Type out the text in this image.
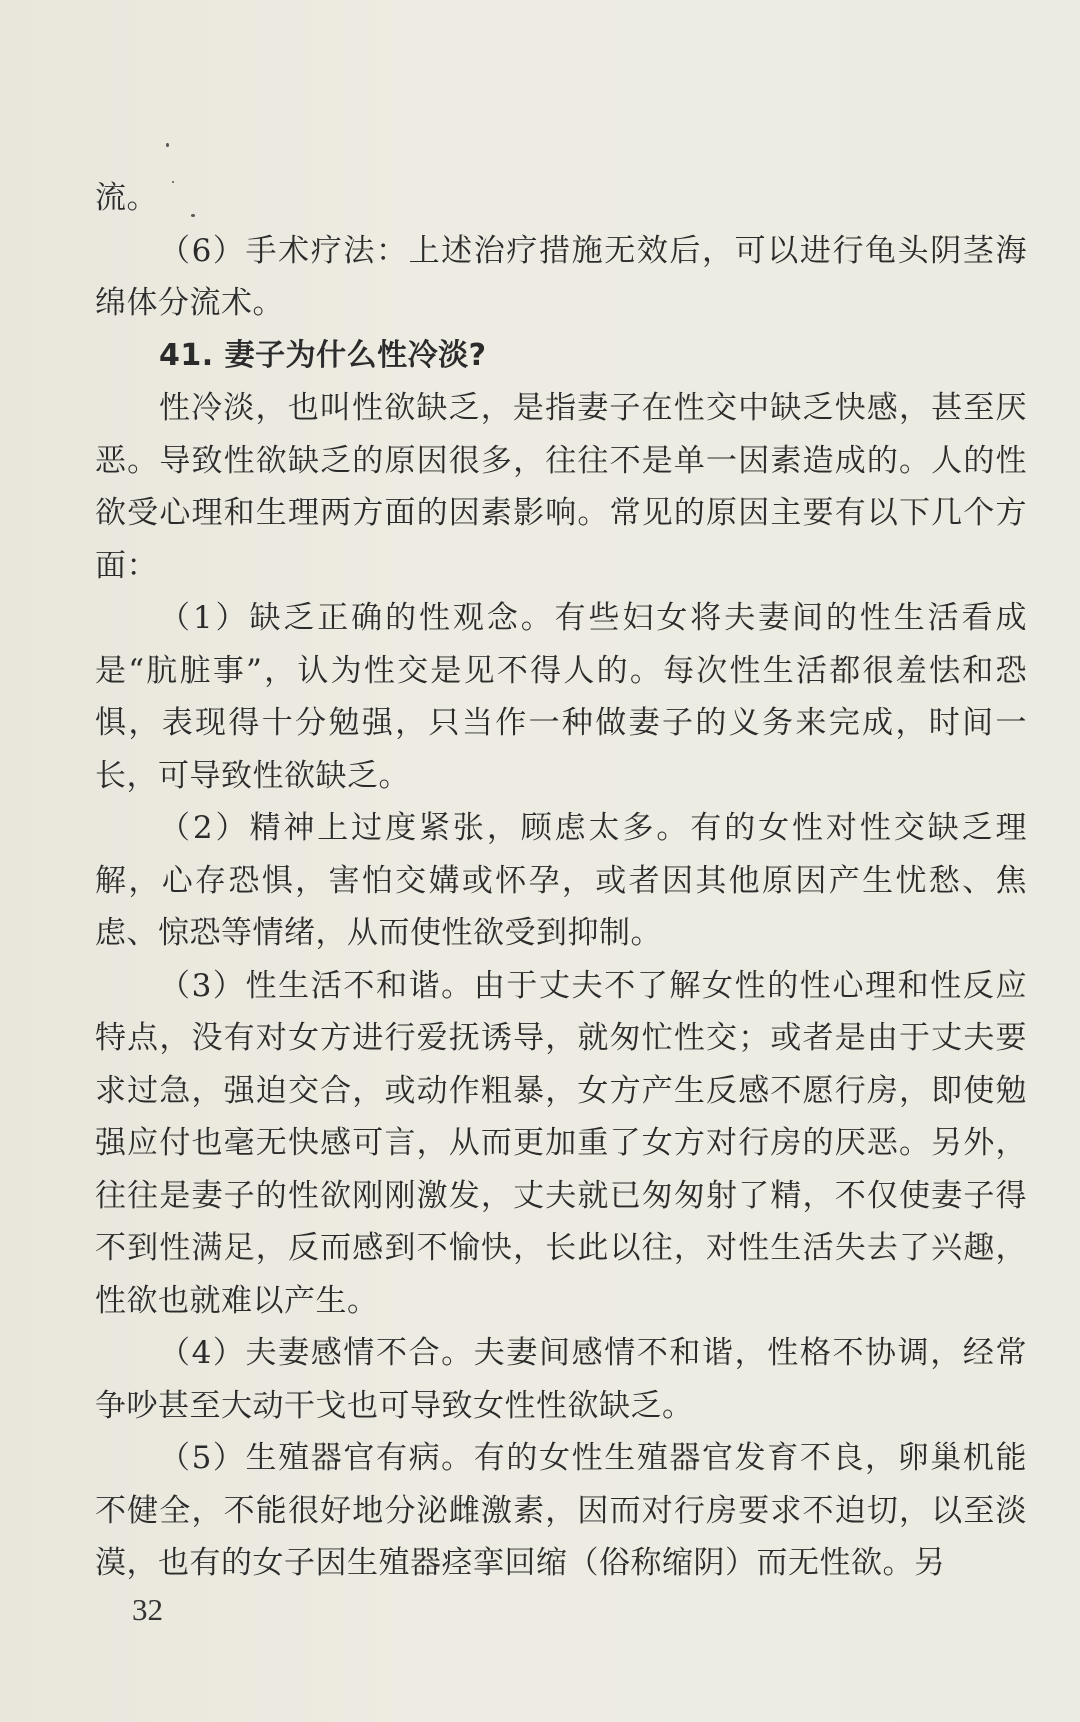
流。

（6）手术疗法：上述治疗措施无效后，可以进行龟头阴茎海绵体分流术。

41. 妻子为什么性冷淡?

性冷淡，也叫性欲缺乏，是指妻子在性交中缺乏快感，甚至厌恶。导致性欲缺乏的原因很多，往往不是单一因素造成的。人的性欲受心理和生理两方面的因素影响。常见的原因主要有以下几个方面：

（1）缺乏正确的性观念。有些妇女将夫妻间的性生活看成是“肮脏事”，认为性交是见不得人的。每次性生活都很羞怯和恐惧，表现得十分勉强，只当作一种做妻子的义务来完成，时间一长，可导致性欲缺乏。

（2）精神上过度紧张，顾虑太多。有的女性对性交缺乏理解，心存恐惧，害怕交媾或怀孕，或者因其他原因产生忧愁、焦虑、惊恐等情绪，从而使性欲受到抑制。

（3）性生活不和谐。由于丈夫不了解女性的性心理和性反应特点，没有对女方进行爱抚诱导，就匆忙性交；或者是由于丈夫要求过急，强迫交合，或动作粗暴，女方产生反感不愿行房，即使勉强应付也毫无快感可言，从而更加重了女方对行房的厌恶。另外，往往是妻子的性欲刚刚激发，丈夫就已匆匆射了精，不仅使妻子得不到性满足，反而感到不愉快，长此以往，对性生活失去了兴趣，性欲也就难以产生。

（4）夫妻感情不合。夫妻间感情不和谐，性格不协调，经常争吵甚至大动干戈也可导致女性性欲缺乏。

（5）生殖器官有病。有的女性生殖器官发育不良，卵巢机能不健全，不能很好地分泌雌激素，因而对行房要求不迫切，以至淡漠，也有的女子因生殖器痉挛回缩（俗称缩阴）而无性欲。另

32
